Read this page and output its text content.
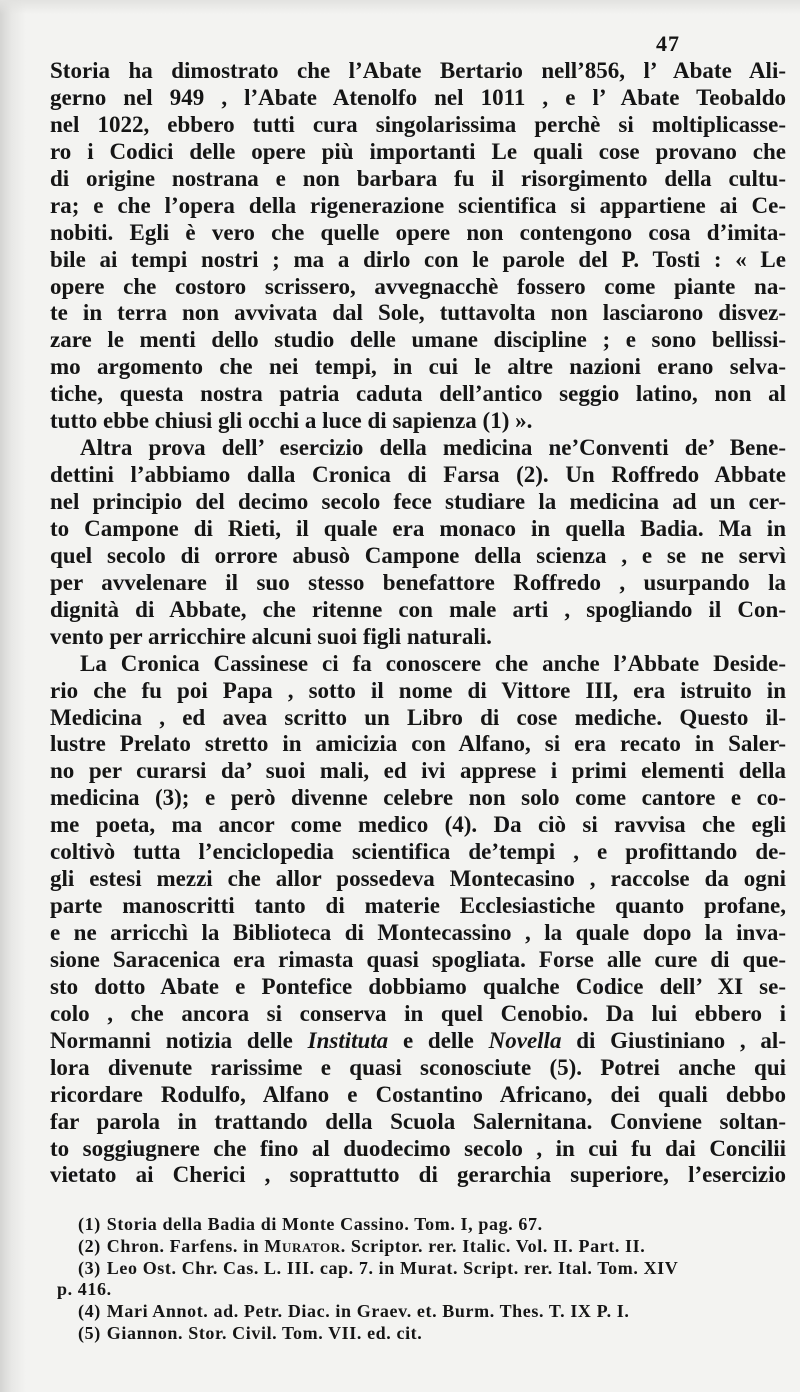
47
Storia ha dimostrato che l’Abate Bertario nell’856, l’ Abate Ali-
gerno nel 949 , l’Abate Atenolfo nel 1011 , e l’ Abate Teobaldo
nel 1022, ebbero tutti cura singolarissima perchè si moltiplicasse-
ro i Codici delle opere più importanti Le quali cose provano che
di origine nostrana e non barbara fu il risorgimento della cultu-
ra; e che l’opera della rigenerazione scientifica si appartiene ai Ce-
nobiti. Egli è vero che quelle opere non contengono cosa d’imita-
bile ai tempi nostri ; ma a dirlo con le parole del P. Tosti : « Le
opere che costoro scrissero, avvegnacchè fossero come piante na-
te in terra non avvivata dal Sole, tuttavolta non lasciarono disvez-
zare le menti dello studio delle umane discipline ; e sono bellissi-
mo argomento che nei tempi, in cui le altre nazioni erano selva-
tiche, questa nostra patria caduta dell’antico seggio latino, non al
tutto ebbe chiusi gli occhi a luce di sapienza (1) ».
Altra prova dell’ esercizio della medicina ne’Conventi de’ Bene-
dettini l’abbiamo dalla Cronica di Farsa (2). Un Roffredo Abbate
nel principio del decimo secolo fece studiare la medicina ad un cer-
to Campone di Rieti, il quale era monaco in quella Badia. Ma in
quel secolo di orrore abusò Campone della scienza , e se ne servì
per avvelenare il suo stesso benefattore Roffredo , usurpando la
dignità di Abbate, che ritenne con male arti , spogliando il Con-
vento per arricchire alcuni suoi figli naturali.
La Cronica Cassinese ci fa conoscere che anche l’Abbate Deside-
rio che fu poi Papa , sotto il nome di Vittore III, era istruito in
Medicina , ed avea scritto un Libro di cose mediche. Questo il-
lustre Prelato stretto in amicizia con Alfano, si era recato in Saler-
no per curarsi da’ suoi mali, ed ivi apprese i primi elementi della
medicina (3); e però divenne celebre non solo come cantore e co-
me poeta, ma ancor come medico (4). Da ciò si ravvisa che egli
coltivò tutta l’enciclopedia scientifica de’tempi , e profittando de-
gli estesi mezzi che allor possedeva Montecasino , raccolse da ogni
parte manoscritti tanto di materie Ecclesiastiche quanto profane,
e ne arricchì la Biblioteca di Montecassino , la quale dopo la inva-
sione Saracenica era rimasta quasi spogliata. Forse alle cure di que-
sto dotto Abate e Pontefice dobbiamo qualche Codice dell’ XI se-
colo , che ancora si conserva in quel Cenobio. Da lui ebbero i
Normanni notizia delle Instituta e delle Novella di Giustiniano , al-
lora divenute rarissime e quasi sconosciute (5). Potrei anche qui
ricordare Rodulfo, Alfano e Costantino Africano, dei quali debbo
far parola in trattando della Scuola Salernitana. Conviene soltan-
to soggiugnere che fino al duodecimo secolo , in cui fu dai Concilii
vietato ai Cherici , soprattutto di gerarchia superiore, l’esercizio
(1) Storia della Badia di Monte Cassino. Tom. I, pag. 67.
(2) Chron. Farfens. in Murator. Scriptor. rer. Italic. Vol. II. Part. II.
(3) Leo Ost. Chr. Cas. L. III. cap. 7. in Murat. Script. rer. Ital. Tom. XIV
p. 416.
(4) Mari Annot. ad. Petr. Diac. in Graev. et. Burm. Thes. T. IX P. I.
(5) Giannon. Stor. Civil. Tom. VII. ed. cit.
